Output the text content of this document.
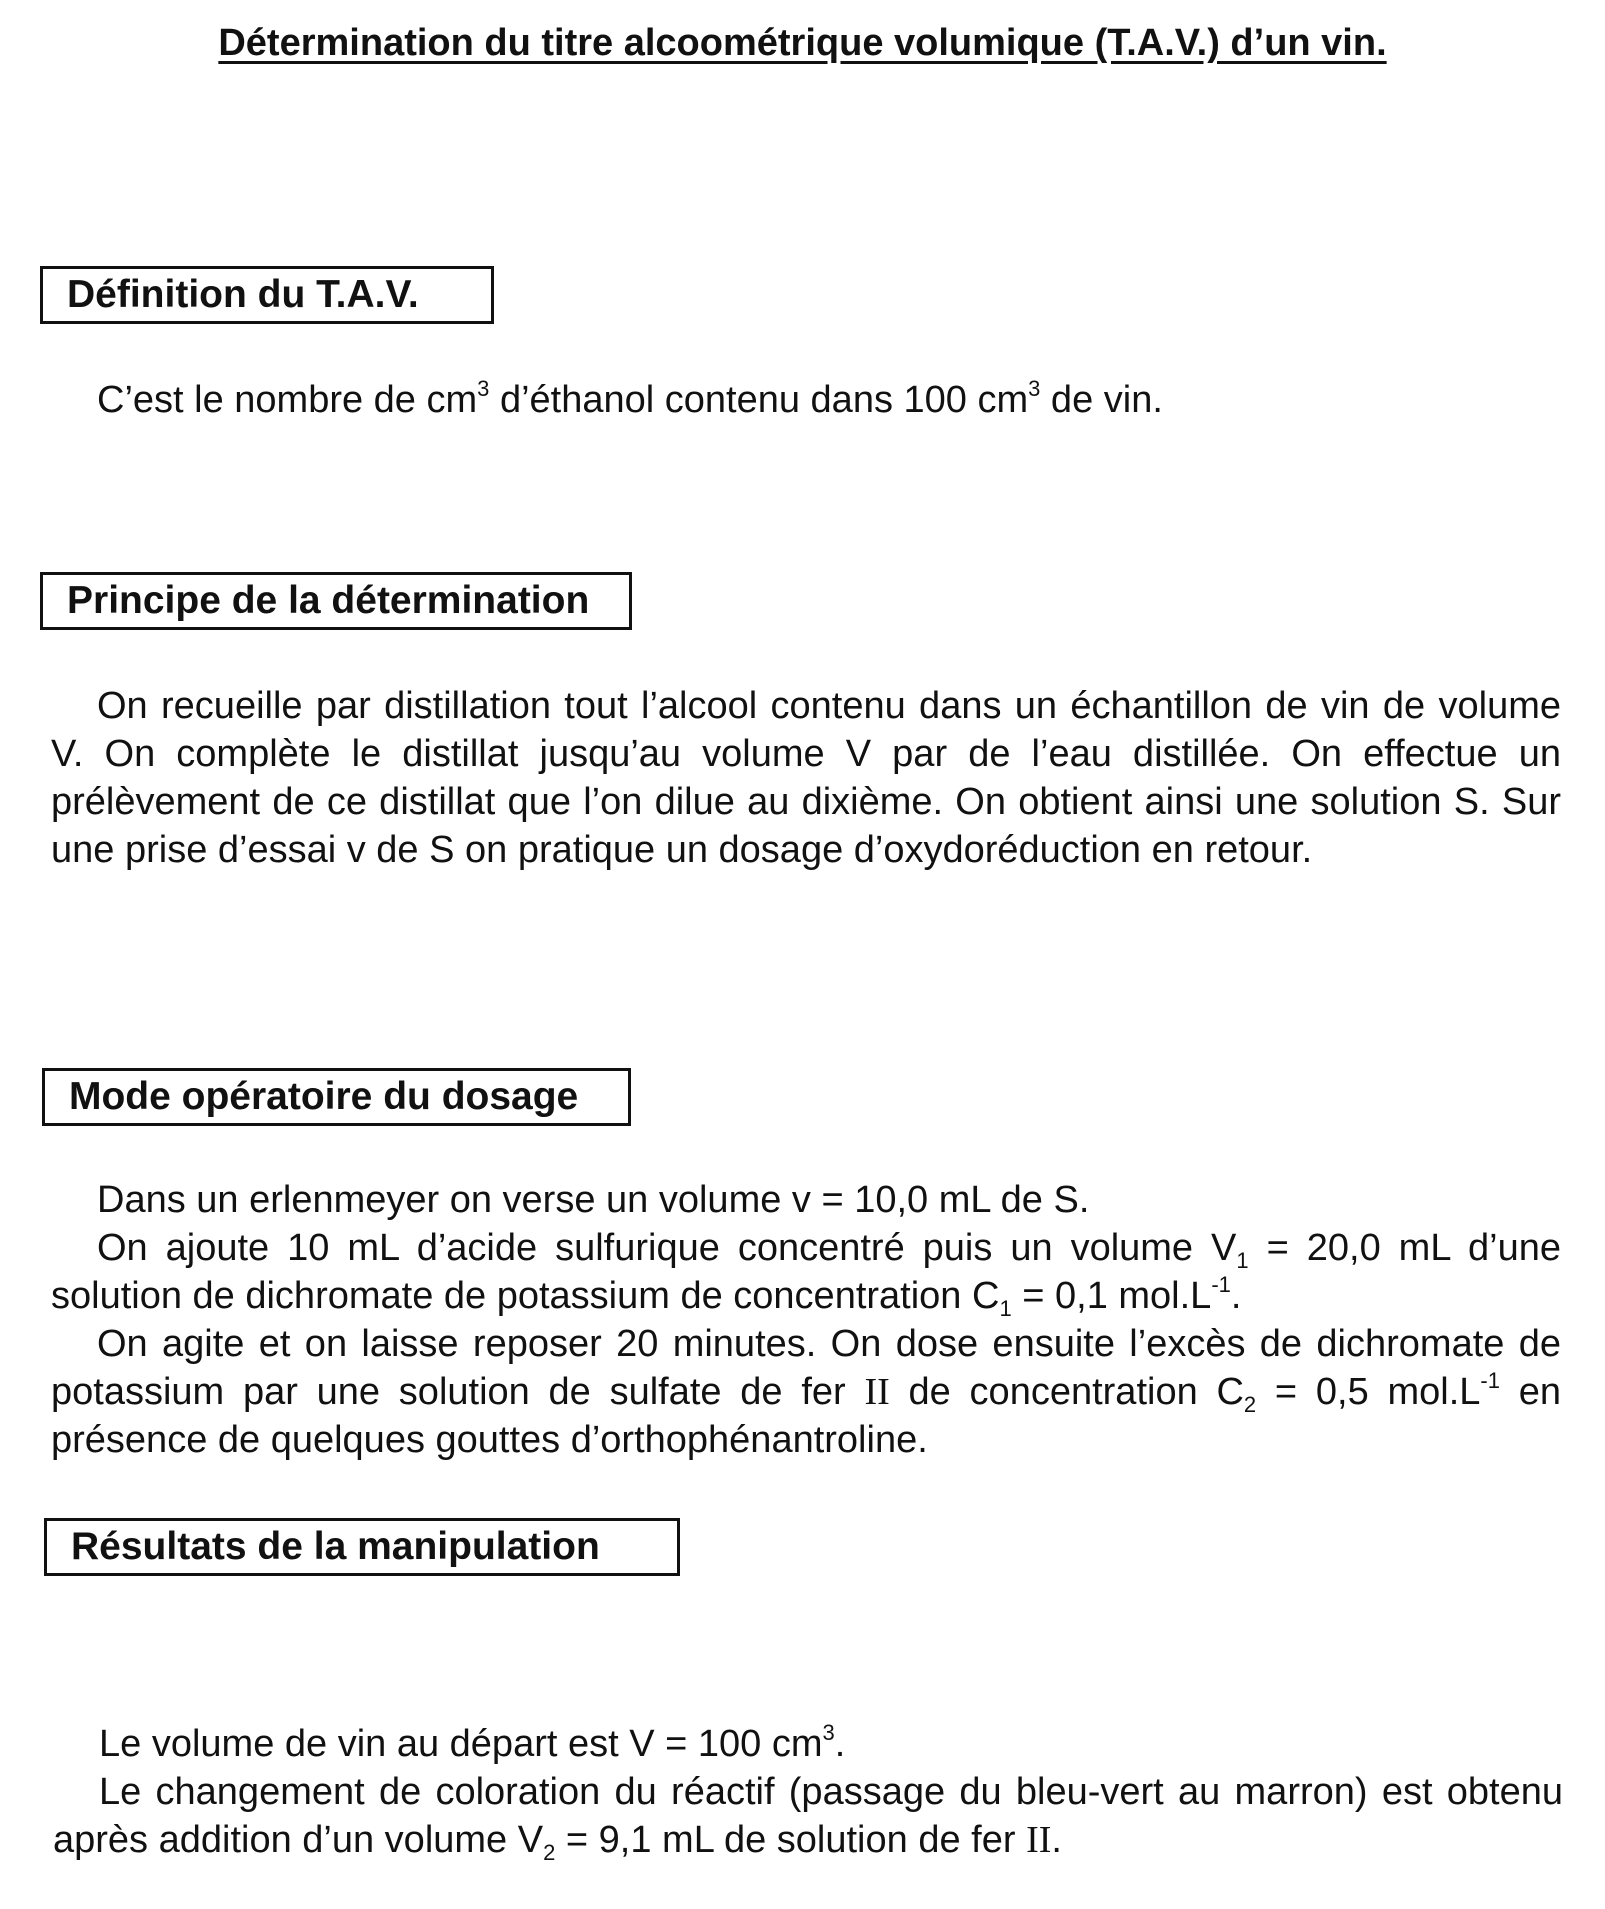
Détermination du titre alcoométrique volumique (T.A.V.) d’un vin.
Définition du T.A.V.
C’est le nombre de $cm^3$ d’éthanol contenu dans 100 $cm^3$ de vin.
Principe de la détermination
On recueille par distillation tout l’alcool contenu dans un échantillon de vin de volume V. On complète le distillat jusqu’au volume V par de l’eau distillée. On effectue un prélèvement de ce distillat que l’on dilue au dixième. On obtient ainsi une solution S. Sur une prise d’essai v de S on pratique un dosage d’oxydoréduction en retour.
Mode opératoire du dosage
Dans un erlenmeyer on verse un volume v = 10,0 mL de S.
On ajoute 10 mL d’acide sulfurique concentré puis un volume $V_1 = 20,0$ mL d’une solution de dichromate de potassium de concentration $C_1 = 0,1$ $mol.L^{-1}$.
On agite et on laisse reposer 20 minutes. On dose ensuite l’excès de dichromate de potassium par une solution de sulfate de fer II de concentration $C_2 = 0,5$ $mol.L^{-1}$ en présence de quelques gouttes d’orthophénantroline.
Résultats de la manipulation
Le volume de vin au départ est V = 100 $cm^3$.
Le changement de coloration du réactif (passage du bleu-vert au marron) est obtenu après addition d’un volume $V_2 = 9,1$ mL de solution de fer II.
